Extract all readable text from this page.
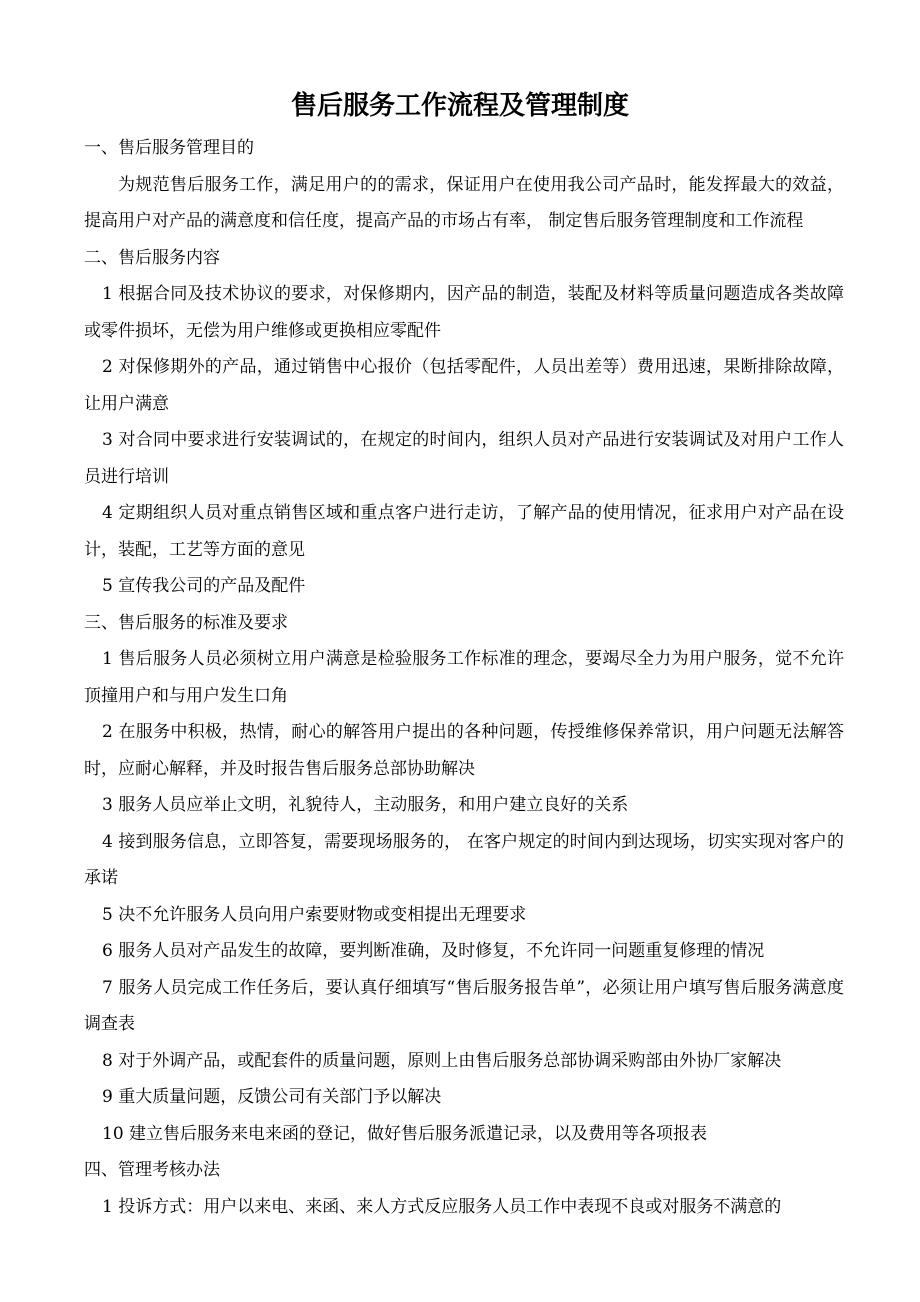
售后服务工作流程及管理制度

一、售后服务管理目的

为规范售后服务工作，满足用户的的需求，保证用户在使用我公司产品时，能发挥最大的效益，提高用户对产品的满意度和信任度，提高产品的市场占有率， 制定售后服务管理制度和工作流程

二、售后服务内容

1 根据合同及技术协议的要求，对保修期内，因产品的制造，装配及材料等质量问题造成各类故障或零件损坏，无偿为用户维修或更换相应零配件

2 对保修期外的产品，通过销售中心报价（包括零配件，人员出差等）费用迅速，果断排除故障，让用户满意

3 对合同中要求进行安装调试的，在规定的时间内，组织人员对产品进行安装调试及对用户工作人员进行培训

4 定期组织人员对重点销售区域和重点客户进行走访，了解产品的使用情况，征求用户对产品在设计，装配，工艺等方面的意见

5 宣传我公司的产品及配件

三、售后服务的标准及要求

1 售后服务人员必须树立用户满意是检验服务工作标准的理念，要竭尽全力为用户服务，觉不允许顶撞用户和与用户发生口角

2 在服务中积极，热情，耐心的解答用户提出的各种问题，传授维修保养常识，用户问题无法解答时，应耐心解释，并及时报告售后服务总部协助解决

3 服务人员应举止文明，礼貌待人，主动服务，和用户建立良好的关系

4 接到服务信息，立即答复，需要现场服务的， 在客户规定的时间内到达现场，切实实现对客户的承诺

5 决不允许服务人员向用户索要财物或变相提出无理要求

6 服务人员对产品发生的故障，要判断准确，及时修复，不允许同一问题重复修理的情况

7 服务人员完成工作任务后，要认真仔细填写“售后服务报告单”，必须让用户填写售后服务满意度调查表

8 对于外调产品，或配套件的质量问题，原则上由售后服务总部协调采购部由外协厂家解决

9 重大质量问题，反馈公司有关部门予以解决

10 建立售后服务来电来函的登记，做好售后服务派遣记录，以及费用等各项报表

四、管理考核办法

1 投诉方式：用户以来电、来函、来人方式反应服务人员工作中表现不良或对服务不满意的
